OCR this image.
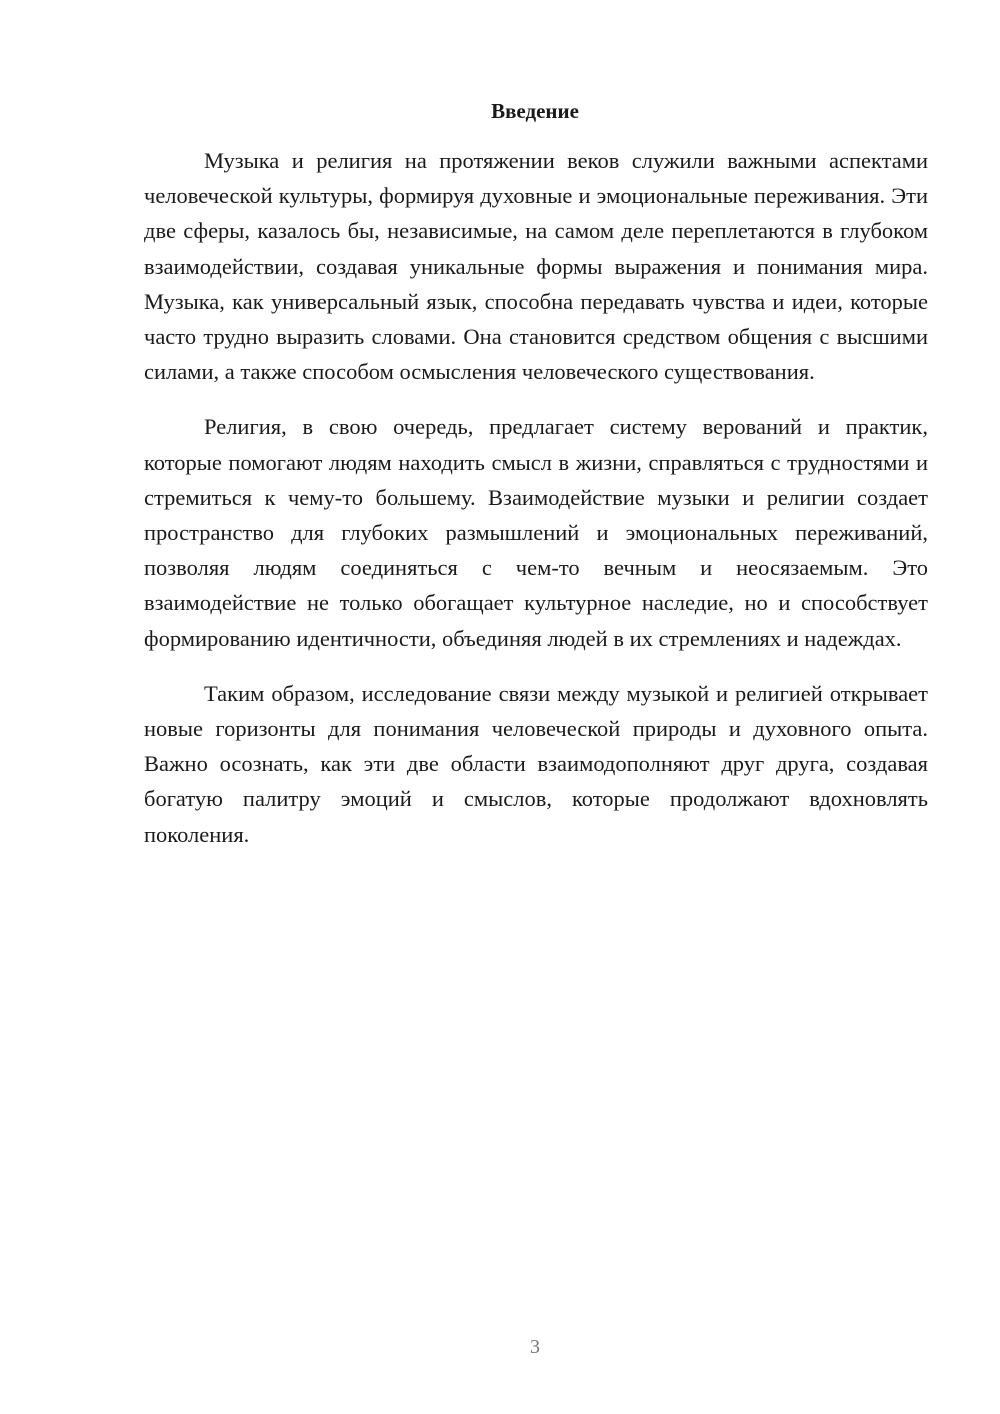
Введение

Музыка и религия на протяжении веков служили важными аспектами человеческой культуры, формируя духовные и эмоциональные переживания. Эти две сферы, казалось бы, независимые, на самом деле переплетаются в глубоком взаимодействии, создавая уникальные формы выражения и понимания мира. Музыка, как универсальный язык, способна передавать чувства и идеи, которые часто трудно выразить словами. Она становится средством общения с высшими силами, а также способом осмысления человеческого существования.

Религия, в свою очередь, предлагает систему верований и практик, которые помогают людям находить смысл в жизни, справляться с трудностями и стремиться к чему-то большему. Взаимодействие музыки и религии создает пространство для глубоких размышлений и эмоциональных переживаний, позволяя людям соединяться с чем-то вечным и неосязаемым. Это взаимодействие не только обогащает культурное наследие, но и способствует формированию идентичности, объединяя людей в их стремлениях и надеждах.

Таким образом, исследование связи между музыкой и религией открывает новые горизонты для понимания человеческой природы и духовного опыта. Важно осознать, как эти две области взаимодополняют друг друга, создавая богатую палитру эмоций и смыслов, которые продолжают вдохновлять поколения.

3
